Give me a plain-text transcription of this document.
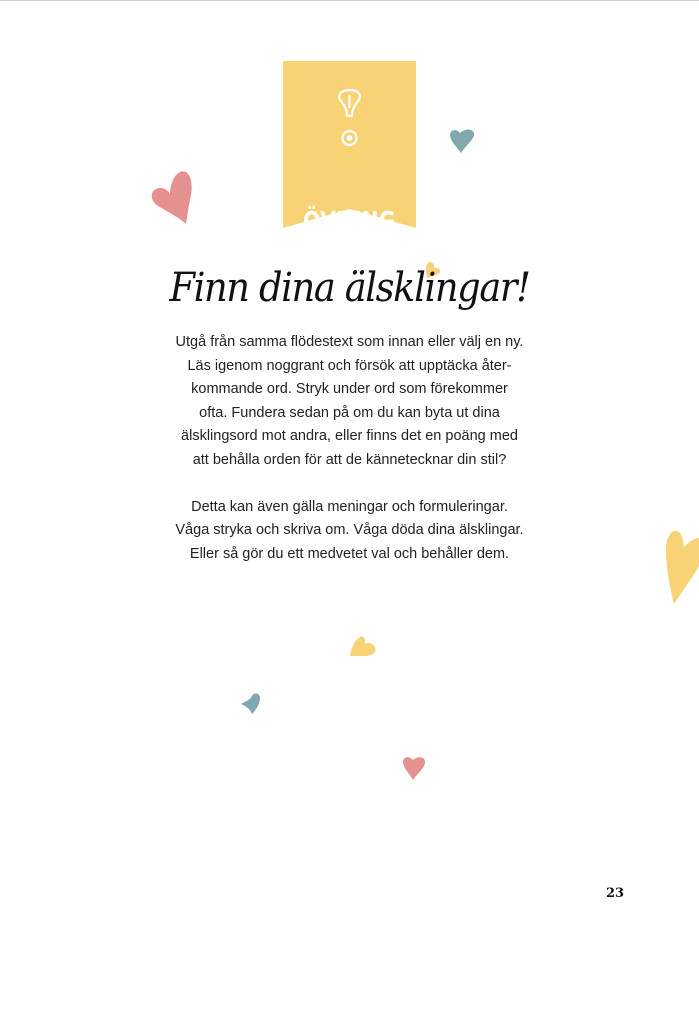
ÖVNING
Finn dina älsklingar!
Utgå från samma flödestext som innan eller välj en ny.
Läs igenom noggrant och försök att upptäcka åter-
kommande ord. Stryk under ord som förekommer
ofta. Fundera sedan på om du kan byta ut dina
älsklingsord mot andra, eller finns det en poäng med
att behålla orden för att de kännetecknar din stil?
Detta kan även gälla meningar och formuleringar.
Våga stryka och skriva om. Våga döda dina älsklingar.
Eller så gör du ett medvetet val och behåller dem.
23
